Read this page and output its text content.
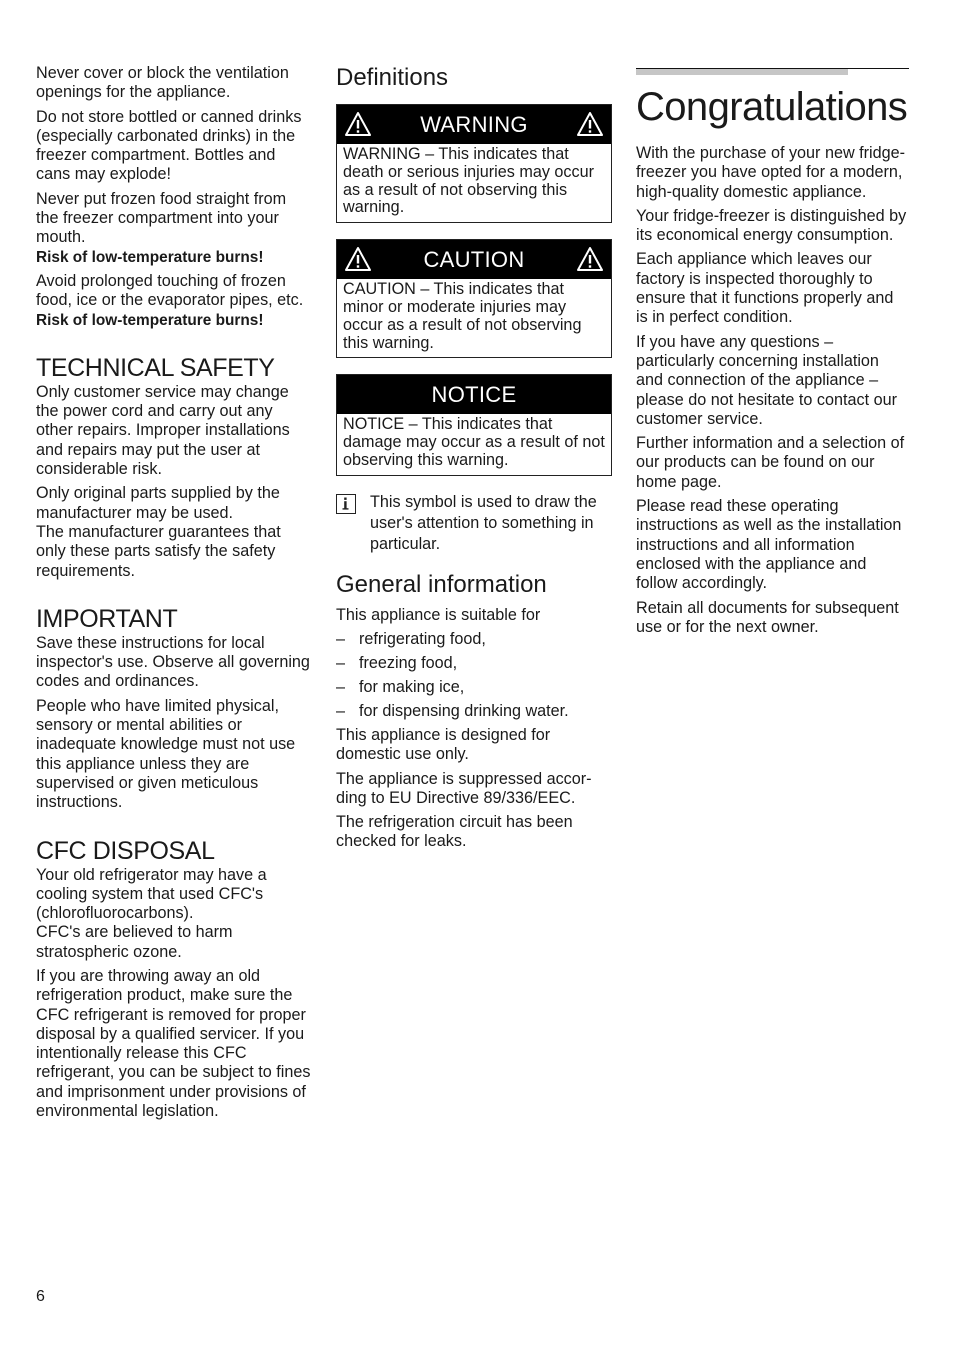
Never cover or block the ventilation openings for the appliance.

Do not store bottled or canned drinks (especially carbonated drinks) in the freezer compartment. Bottles and cans may explode!

Never put frozen food straight from the freezer compartment into your mouth.

Risk of low-temperature burns!

Avoid prolonged touching of frozen food, ice or the evaporator pipes, etc.

Risk of low-temperature burns!

TECHNICAL SAFETY

Only customer service may change the power cord and carry out any other repairs. Improper installations and repairs may put the user at considerable risk.

Only original parts supplied by the manufacturer may be used.

The manufacturer guarantees that only these parts satisfy the safety requirements.

IMPORTANT

Save these instructions for local inspector's use. Observe all governing codes and ordinances.

People who have limited physical, sensory or mental abilities or inadequate knowledge must not use this appliance unless they are supervised or given meticulous instructions.

CFC DISPOSAL

Your old refrigerator may have a cooling system that used CFC's (chlorofluorocarbons).

CFC's are believed to harm stratospheric ozone.

If you are throwing away an old refrigeration product, make sure the CFC refrigerant is removed for proper disposal by a qualified servicer. If you intentionally release this CFC refrigerant, you can be subject to fines and imprisonment under provisions of environmental legislation.

Definitions
WARNING
WARNING – This indicates that death or serious injuries may occur as a result of not observing this warning.
CAUTION
CAUTION – This indicates that minor or moderate injuries may occur as a result of not observing this warning.
NOTICE
NOTICE – This indicates that damage may occur as a result of not observing this warning.
This symbol is used to draw the user's attention to something in particular.
General information

This appliance is suitable for

– refrigerating food,
– freezing food,
– for making ice,
– for dispensing drinking water.

This appliance is designed for domestic use only.

The appliance is suppressed accor-ding to EU Directive 89/336/EEC.

The refrigeration circuit has been checked for leaks.

Congratulations

With the purchase of your new fridge-freezer you have opted for a modern, high-quality domestic appliance.

Your fridge-freezer is distinguished by its economical energy consumption.

Each appliance which leaves our factory is inspected thoroughly to ensure that it functions properly and is in perfect condition.

If you have any questions – particularly concerning installation and connection of the appliance – please do not hesitate to contact our customer service.

Further information and a selection of our products can be found on our home page.

Please read these operating instructions as well as the installation instructions and all information enclosed with the appliance and follow accordingly.

Retain all documents for subsequent use or for the next owner.

6
